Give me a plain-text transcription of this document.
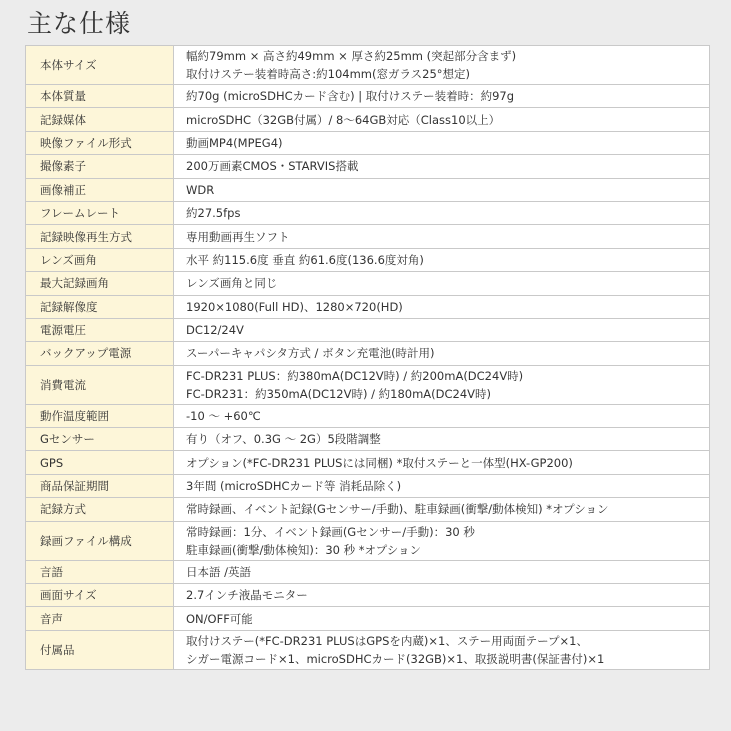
主な仕様
本体サイズ	幅約79mm × 高さ約49mm × 厚さ約25mm (突起部分含まず)
取付けステー装着時高さ:約104mm(窓ガラス25°想定)

本体質量	約70g (microSDHCカード含む) | 取付けステー装着時：約97g

記録媒体	microSDHC（32GB付属）/ 8～64GB対応（Class10以上）

映像ファイル形式	動画MP4(MPEG4)

撮像素子	200万画素CMOS・STARVIS搭載

画像補正	WDR

フレームレート	約27.5fps

記録映像再生方式	専用動画再生ソフト

レンズ画角	水平 約115.6度 垂直 約61.6度(136.6度対角)

最大記録画角	レンズ画角と同じ

記録解像度	1920×1080(Full HD)、1280×720(HD)

電源電圧	DC12/24V

バックアップ電源	スーパーキャパシタ方式 / ボタン充電池(時計用)

消費電流	FC-DR231 PLUS：約380mA(DC12V時) / 約200mA(DC24V時)
FC-DR231：約350mA(DC12V時) / 約180mA(DC24V時)

動作温度範囲	-10 ～ +60℃

Gセンサー	有り（オフ、0.3G ～ 2G）5段階調整

GPS	オプション(*FC-DR231 PLUSには同梱) *取付ステーと一体型(HX-GP200)

商品保証期間	3年間 (microSDHCカード等 消耗品除く)

記録方式	常時録画、イベント記録(Gセンサー/手動)、駐車録画(衝撃/動体検知) *オプション

録画ファイル構成	常時録画：1分、イベント録画(Gセンサー/手動)：30 秒
駐車録画(衝撃/動体検知)：30 秒 *オプション

言語	日本語 /英語

画面サイズ	2.7インチ液晶モニター

音声	ON/OFF可能

付属品	取付けステー(*FC-DR231 PLUSはGPSを内蔵)×1、ステー用両面テープ×1、
シガー電源コード×1、microSDHCカード(32GB)×1、取扱説明書(保証書付)×1
